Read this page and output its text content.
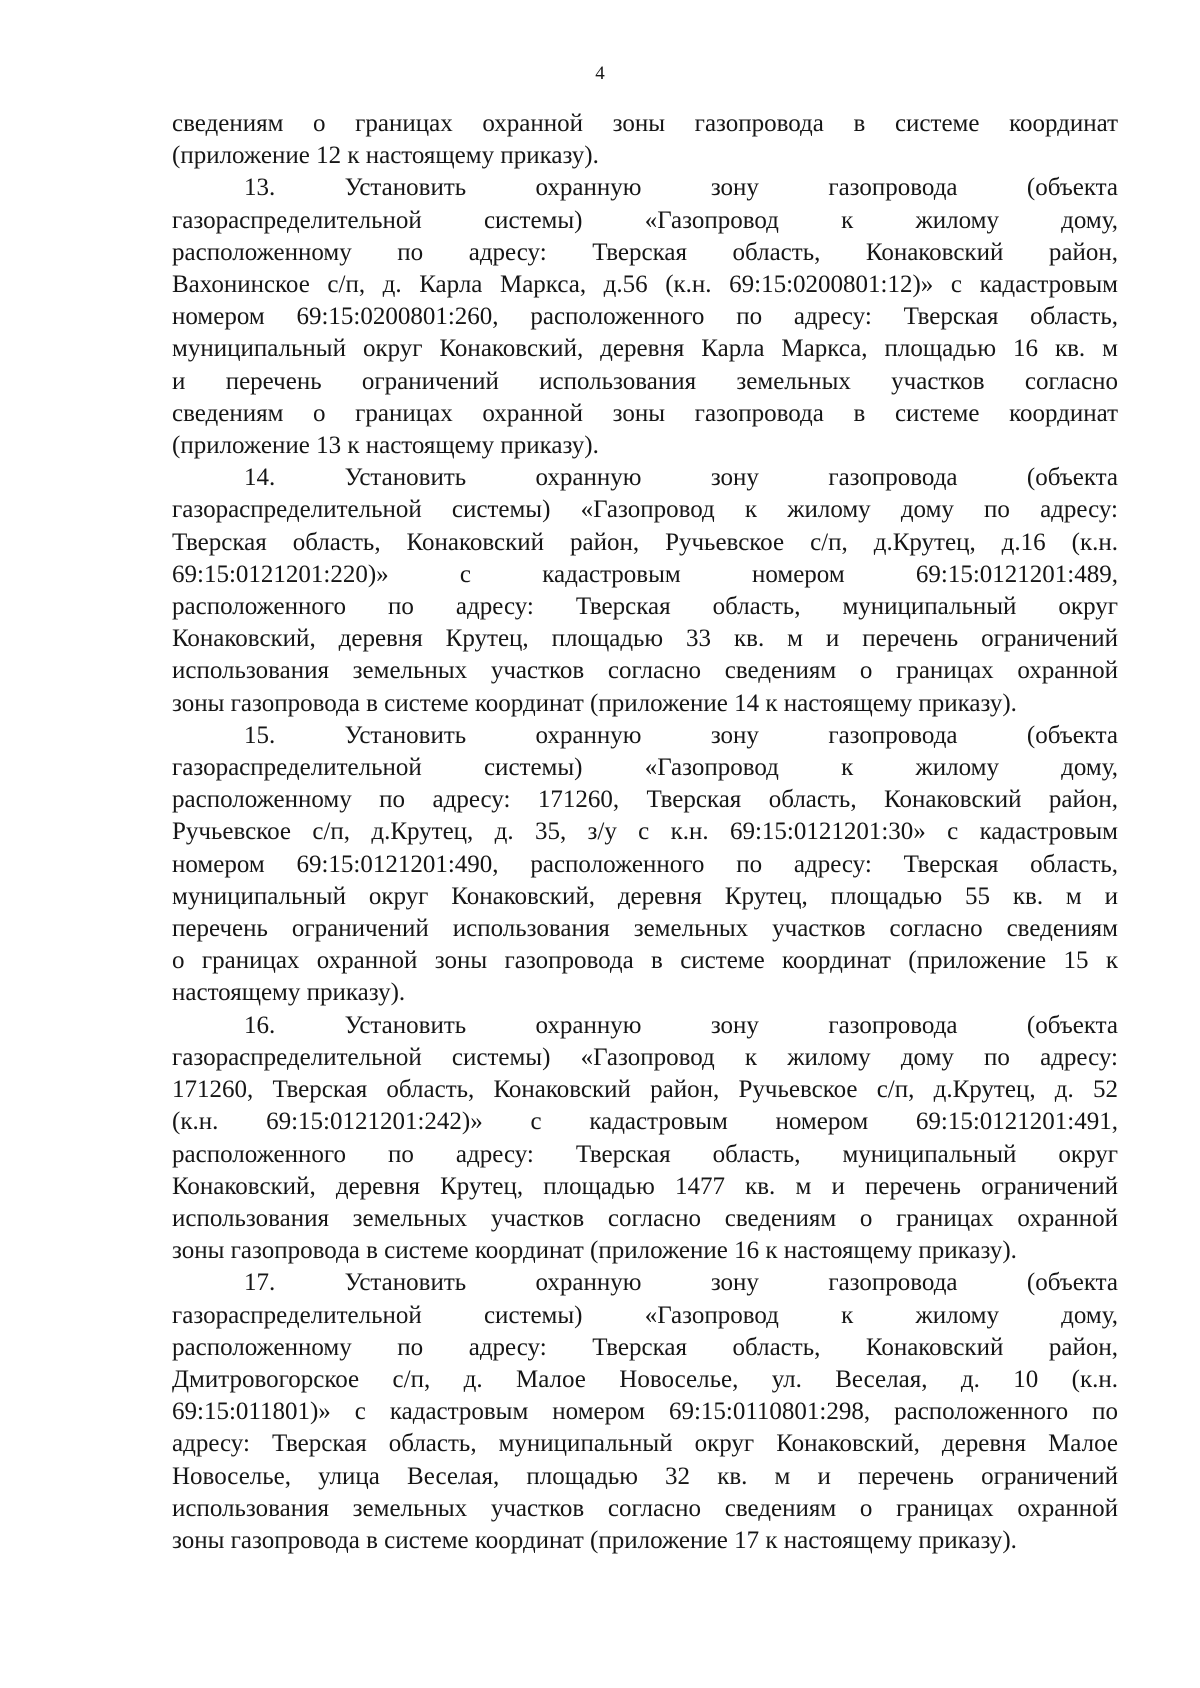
4
сведениям о границах охранной зоны газопровода в системе координат
(приложение 12 к настоящему приказу).
13. Установить охранную зону газопровода (объекта
газораспределительной системы) «Газопровод к жилому дому,
расположенному по адресу: Тверская область, Конаковский район,
Вахонинское с/п, д. Карла Маркса, д.56 (к.н. 69:15:0200801:12)» с кадастровым
номером 69:15:0200801:260, расположенного по адресу: Тверская область,
муниципальный округ Конаковский, деревня Карла Маркса, площадью 16 кв. м
и перечень ограничений использования земельных участков согласно
сведениям о границах охранной зоны газопровода в системе координат
(приложение 13 к настоящему приказу).
14. Установить охранную зону газопровода (объекта
газораспределительной системы) «Газопровод к жилому дому по адресу:
Тверская область, Конаковский район, Ручьевское с/п, д.Крутец, д.16 (к.н.
69:15:0121201:220)» с кадастровым номером 69:15:0121201:489,
расположенного по адресу: Тверская область, муниципальный округ
Конаковский, деревня Крутец, площадью 33 кв. м и перечень ограничений
использования земельных участков согласно сведениям о границах охранной
зоны газопровода в системе координат (приложение 14 к настоящему приказу).
15. Установить охранную зону газопровода (объекта
газораспределительной системы) «Газопровод к жилому дому,
расположенному по адресу: 171260, Тверская область, Конаковский район,
Ручьевское с/п, д.Крутец, д. 35, з/у с к.н. 69:15:0121201:30» с кадастровым
номером 69:15:0121201:490, расположенного по адресу: Тверская область,
муниципальный округ Конаковский, деревня Крутец, площадью 55 кв. м и
перечень ограничений использования земельных участков согласно сведениям
о границах охранной зоны газопровода в системе координат (приложение 15 к
настоящему приказу).
16. Установить охранную зону газопровода (объекта
газораспределительной системы) «Газопровод к жилому дому по адресу:
171260, Тверская область, Конаковский район, Ручьевское с/п, д.Крутец, д. 52
(к.н. 69:15:0121201:242)» с кадастровым номером 69:15:0121201:491,
расположенного по адресу: Тверская область, муниципальный округ
Конаковский, деревня Крутец, площадью 1477 кв. м и перечень ограничений
использования земельных участков согласно сведениям о границах охранной
зоны газопровода в системе координат (приложение 16 к настоящему приказу).
17. Установить охранную зону газопровода (объекта
газораспределительной системы) «Газопровод к жилому дому,
расположенному по адресу: Тверская область, Конаковский район,
Дмитровогорское с/п, д. Малое Новоселье, ул. Веселая, д. 10 (к.н.
69:15:011801)» с кадастровым номером 69:15:0110801:298, расположенного по
адресу: Тверская область, муниципальный округ Конаковский, деревня Малое
Новоселье, улица Веселая, площадью 32 кв. м и перечень ограничений
использования земельных участков согласно сведениям о границах охранной
зоны газопровода в системе координат (приложение 17 к настоящему приказу).
